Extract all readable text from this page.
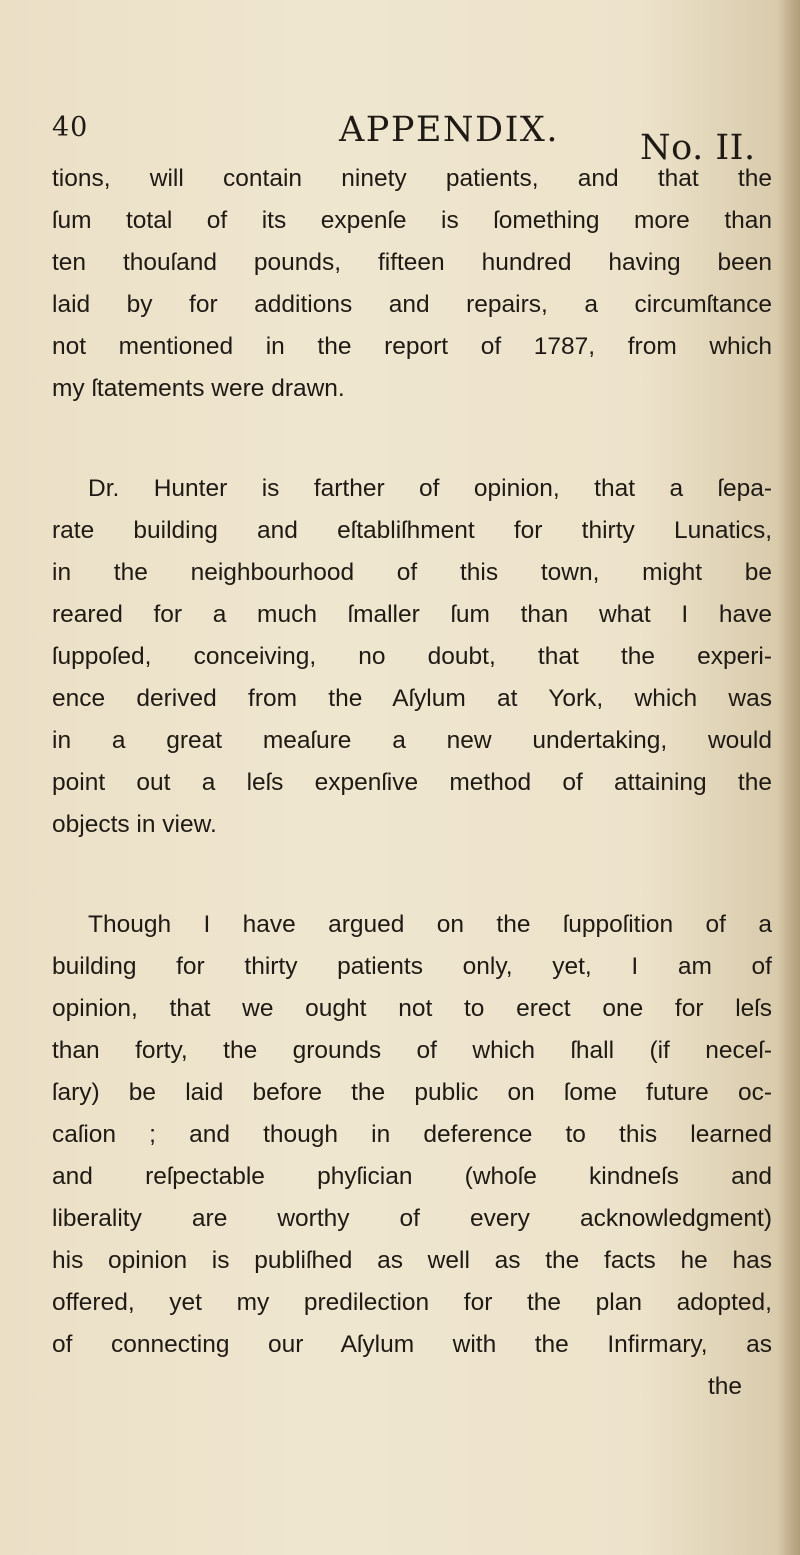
40	APPENDIX. No. II.
tions, will contain ninety patients, and that the
ſum total of its expenſe is ſomething more than
ten thouſand pounds, fifteen hundred having been
laid by for additions and repairs, a circumſtance
not mentioned in the report of 1787, from which
my ſtatements were drawn.
Dr. Hunter is farther of opinion, that a ſepa-
rate building and eſtabliſhment for thirty Lunatics,
in the neighbourhood of this town, might be
reared for a much ſmaller ſum than what I have
ſuppoſed, conceiving, no doubt, that the experi-
ence derived from the Aſylum at York, which was
in a great meaſure a new undertaking, would
point out a leſs expenſive method of attaining the
objects in view.
Though I have argued on the ſuppoſition of a
building for thirty patients only, yet, I am of
opinion, that we ought not to erect one for leſs
than forty, the grounds of which ſhall (if neceſ-
ſary) be laid before the public on ſome future oc-
caſion ; and though in deference to this learned
and reſpectable phyſician (whoſe kindneſs and
liberality are worthy of every acknowledgment)
his opinion is publiſhed as well as the facts he has
offered, yet my predilection for the plan adopted,
of connecting our Aſylum with the Infirmary, as
the
